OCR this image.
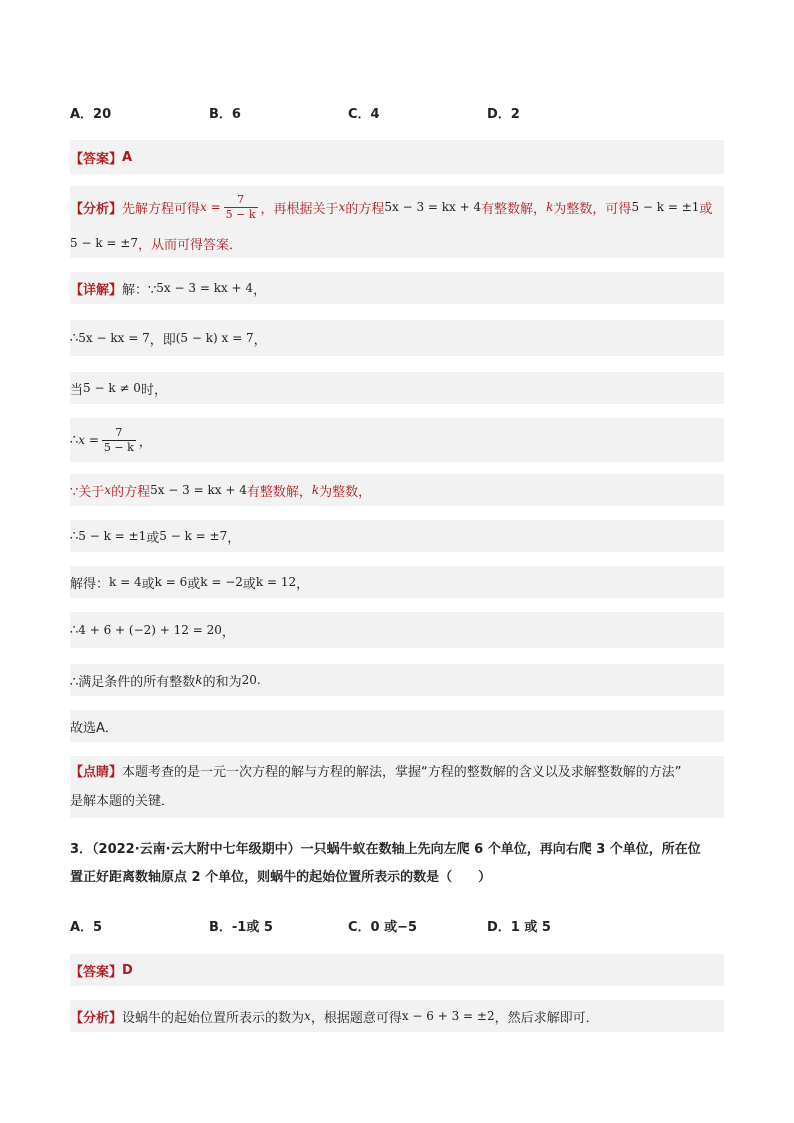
A．20	B．6	C．4	D．2
【答案】 A
【分析】 先解方程可得 $x = \frac{7}{5 - k}$ ，再根据关于 x 的方程 5x − 3 = kx + 4 有整数解， k 为整数，可得 5 − k = ±1 或
5 − k = ±7 ，从而可得答案．
【详解】 解：∵ 5x − 3 = kx + 4 ，
∴ 5x − kx = 7 ，即 (5 − k) x = 7 ，
当 5 − k ≠ 0 时，
∴ $x = \frac{7}{5 - k}$ ，
∵关于 x 的方程 5x − 3 = kx + 4 有整数解， k 为整数，
∴ 5 − k = ±1 或 5 − k = ±7 ，
解得： k = 4 或 k = 6 或 k = −2 或 k = 12 ，
∴ 4 + 6 + (−2) + 12 = 20 ，
∴满足条件的所有整数 k 的和为 20.
故选A．
【点睛】本题考查的是一元一次方程的解与方程的解法，掌握“方程的整数解的含义以及求解整数解的方法”
是解本题的关键．
3．（2022·云南·云大附中七年级期中）一只蜗牛蚁在数轴上先向左爬 6 个单位，再向右爬 3 个单位，所在位
置正好距离数轴原点 2 个单位，则蜗牛的起始位置所表示的数是（　　）
A．5	B．-1或 5	C．0 或−5	D．1 或 5
【答案】 D
【分析】 设蜗牛的起始位置所表示的数为 x ，根据题意可得 x − 6 + 3 = ±2 ，然后求解即可．
